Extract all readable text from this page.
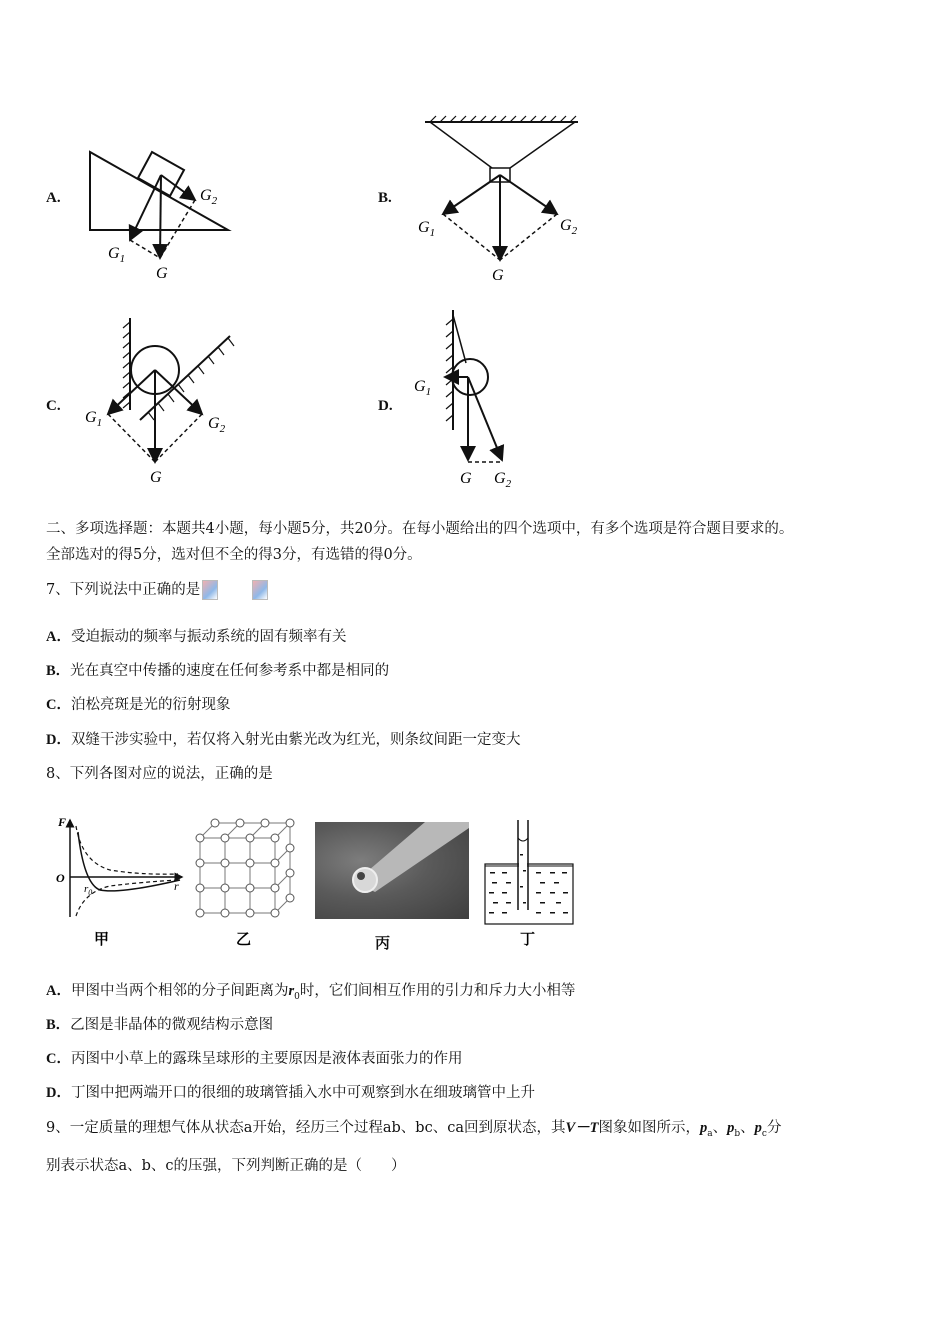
A.	B.
C.	D.
$G_2$
$G_1$
G
$G_1$	$G_2$
G
$G_1$	$G_2$
G
$G_1$
G $G_2$
二、多项选择题：本题共4小题，每小题5分，共20分。在每小题给出的四个选项中，有多个选项是符合题目要求的。
全部选对的得5分，选对但不全的得3分，有选错的得0分。
7、下列说法中正确的是
A．受迫振动的频率与振动系统的固有频率有关
B．光在真空中传播的速度在任何参考系中都是相同的
C．泊松亮斑是光的衍射现象
D．双缝干涉实验中，若仅将入射光由紫光改为红光，则条纹间距一定变大
8、下列各图对应的说法，正确的是
F
O
r
$r_0$
甲	乙	丙	丁
A．甲图中当两个相邻的分子间距离为$r_0$时，它们间相互作用的引力和斥力大小相等
B．乙图是非晶体的微观结构示意图
C．丙图中小草上的露珠呈球形的主要原因是液体表面张力的作用
D．丁图中把两端开口的很细的玻璃管插入水中可观察到水在细玻璃管中上升
9、一定质量的理想气体从状态a开始，经历三个过程ab、bc、ca回到原状态，其V－T图象如图所示，$p_a$、$p_b$、$p_c$分
别表示状态a、b、c的压强，下列判断正确的是（　　）
